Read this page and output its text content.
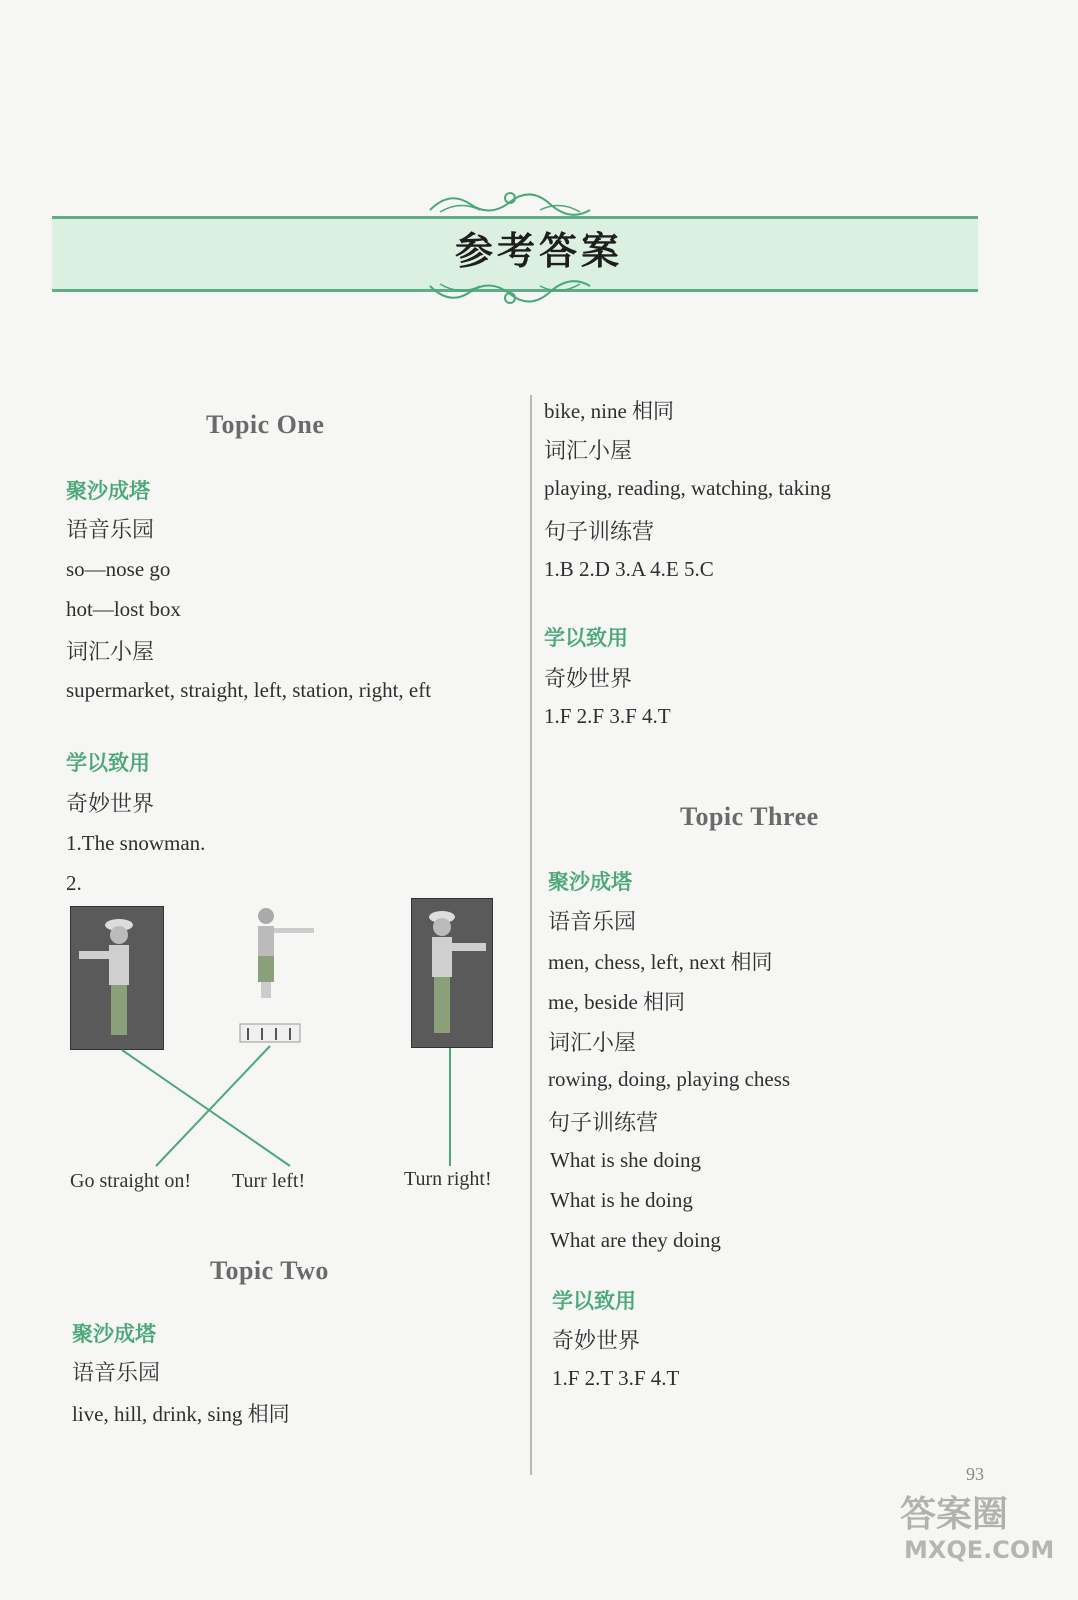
参考答案
Topic One
聚沙成塔
语音乐园
so—nose go
hot—lost box
词汇小屋
supermarket, straight, left, station, right, eft
学以致用
奇妙世界
1.The snowman.
2.
Go straight on! Turr left!	Turn right!
Topic Two
聚沙成塔
语音乐园
live, hill, drink, sing 相同
bike, nine 相同
词汇小屋
playing, reading, watching, taking
句子训练营
1.B 2.D 3.A 4.E 5.C
学以致用
奇妙世界
1.F 2.F 3.F 4.T
Topic Three
聚沙成塔
语音乐园
men, chess, left, next 相同
me, beside 相同
词汇小屋
rowing, doing, playing chess
句子训练营
What is she doing
What is he doing
What are they doing
学以致用
奇妙世界
1.F 2.T 3.F 4.T
93
答案圈
MXQE.COM
